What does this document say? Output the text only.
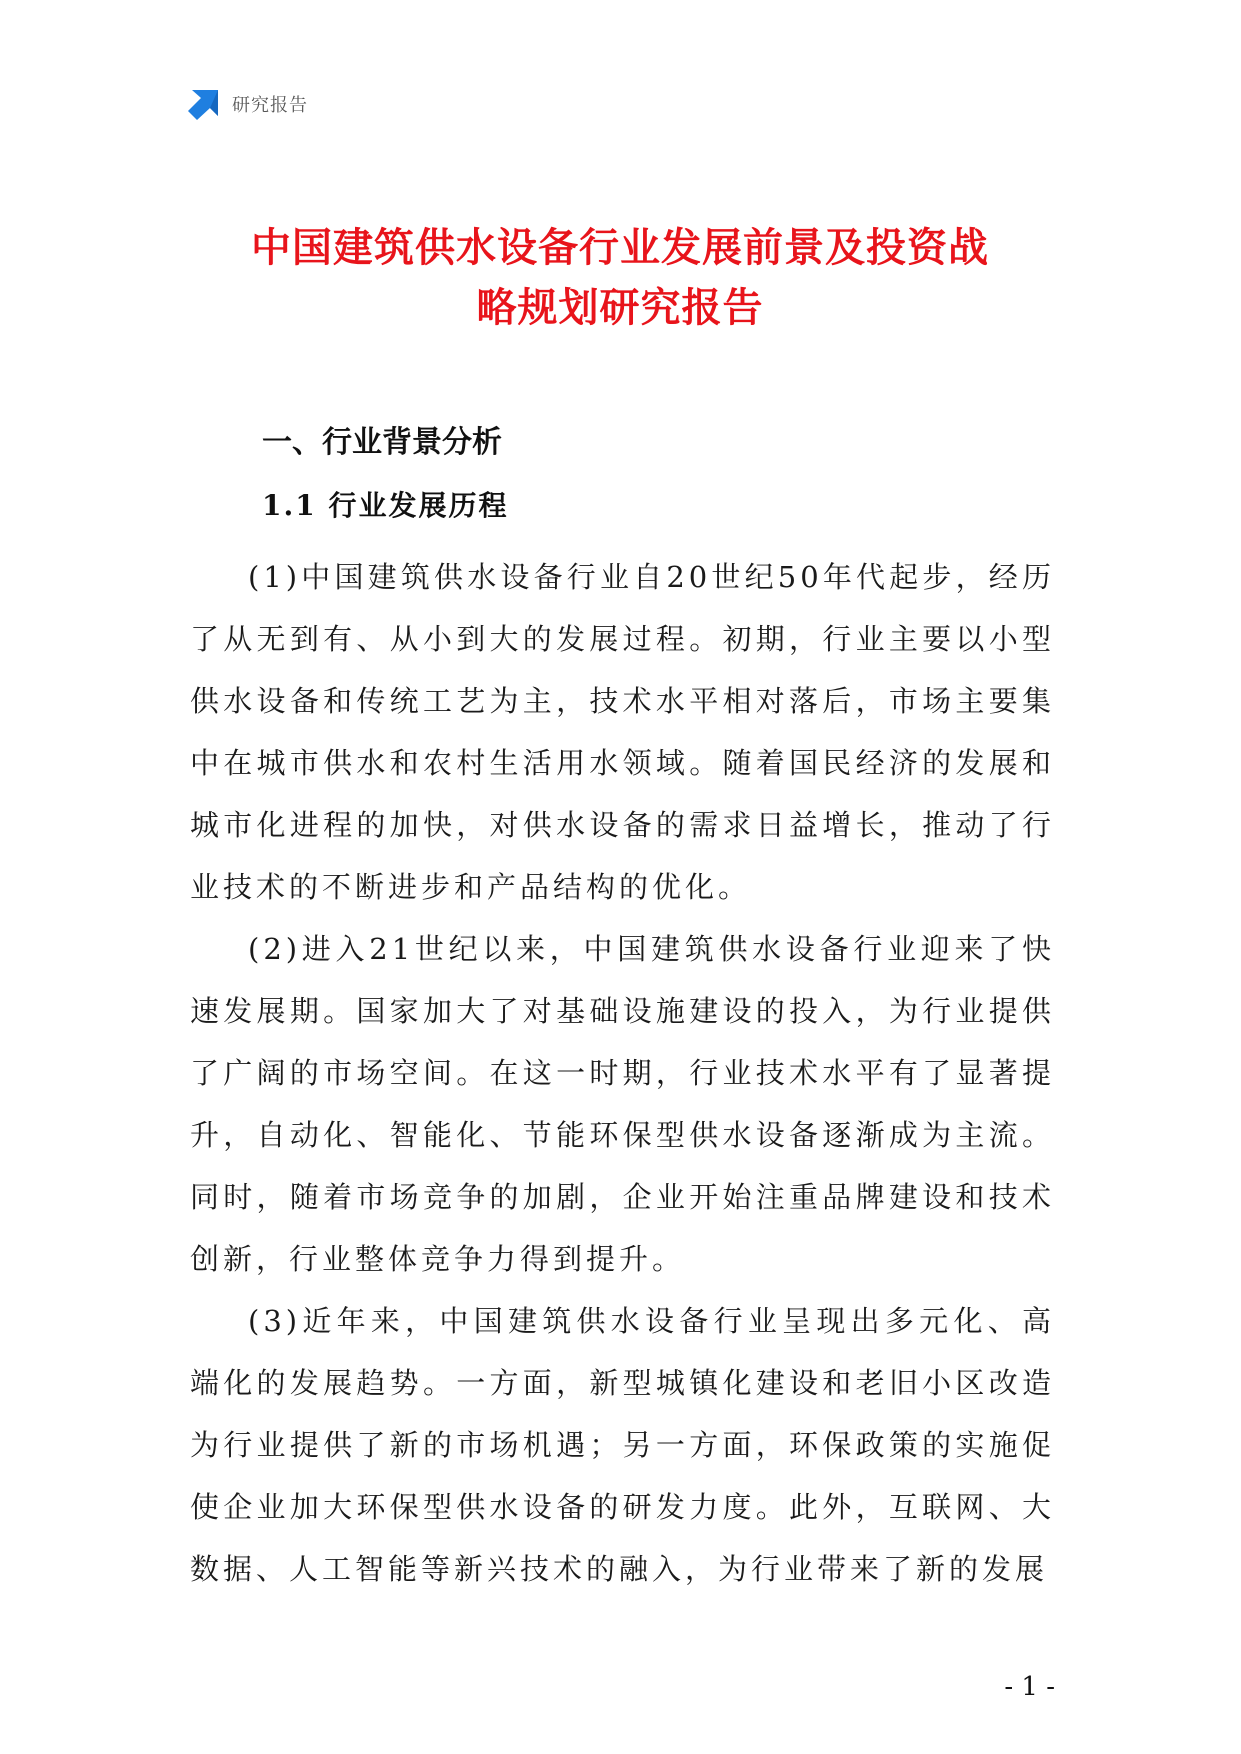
研究报告
中国建筑供水设备行业发展前景及投资战
略规划研究报告
一、行业背景分析
1.1 行业发展历程

(1)中国建筑供水设备行业自20世纪50年代起步，经历了从无到有、从小到大的发展过程。初期，行业主要以小型供水设备和传统工艺为主，技术水平相对落后，市场主要集中在城市供水和农村生活用水领域。随着国民经济的发展和城市化进程的加快，对供水设备的需求日益增长，推动了行业技术的不断进步和产品结构的优化。

(2)进入21世纪以来，中国建筑供水设备行业迎来了快速发展期。国家加大了对基础设施建设的投入，为行业提供了广阔的市场空间。在这一时期，行业技术水平有了显著提升，自动化、智能化、节能环保型供水设备逐渐成为主流。同时，随着市场竞争的加剧，企业开始注重品牌建设和技术创新，行业整体竞争力得到提升。

(3)近年来，中国建筑供水设备行业呈现出多元化、高端化的发展趋势。一方面，新型城镇化建设和老旧小区改造为行业提供了新的市场机遇；另一方面，环保政策的实施促使企业加大环保型供水设备的研发力度。此外，互联网、大数据、人工智能等新兴技术的融入，为行业带来了新的发展

- 1 -
